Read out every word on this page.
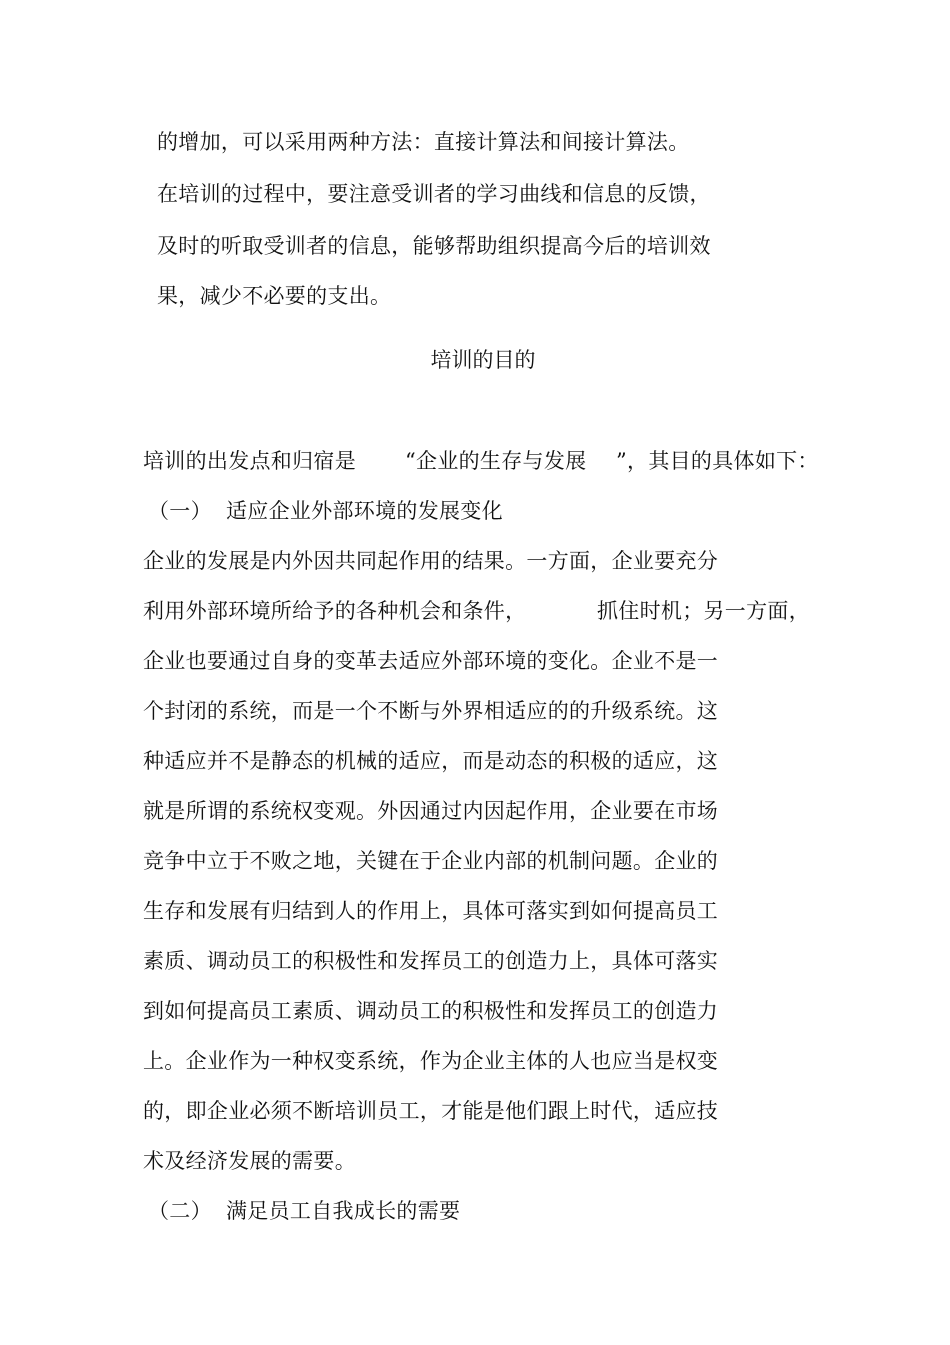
的增加，可以采用两种方法：直接计算法和间接计算法。
在培训的过程中，要注意受训者的学习曲线和信息的反馈，
及时的听取受训者的信息，能够帮助组织提高今后的培训效
果，减少不必要的支出。
培训的目的
培训的出发点和归宿是 “企业的生存与发展 ”，其目的具体如下：
（一） 适应企业外部环境的发展变化
企业的发展是内外因共同起作用的结果。一方面，企业要充分
利用外部环境所给予的各种机会和条件，	抓住时机；另一方面，
企业也要通过自身的变革去适应外部环境的变化。企业不是一
个封闭的系统，而是一个不断与外界相适应的的升级系统。这
种适应并不是静态的机械的适应，而是动态的积极的适应，这
就是所谓的系统权变观。外因通过内因起作用，企业要在市场
竞争中立于不败之地，关键在于企业内部的机制问题。企业的
生存和发展有归结到人的作用上，具体可落实到如何提高员工
素质、调动员工的积极性和发挥员工的创造力上，具体可落实
到如何提高员工素质、调动员工的积极性和发挥员工的创造力
上。企业作为一种权变系统，作为企业主体的人也应当是权变
的，即企业必须不断培训员工，才能是他们跟上时代，适应技
术及经济发展的需要。
（二） 满足员工自我成长的需要
